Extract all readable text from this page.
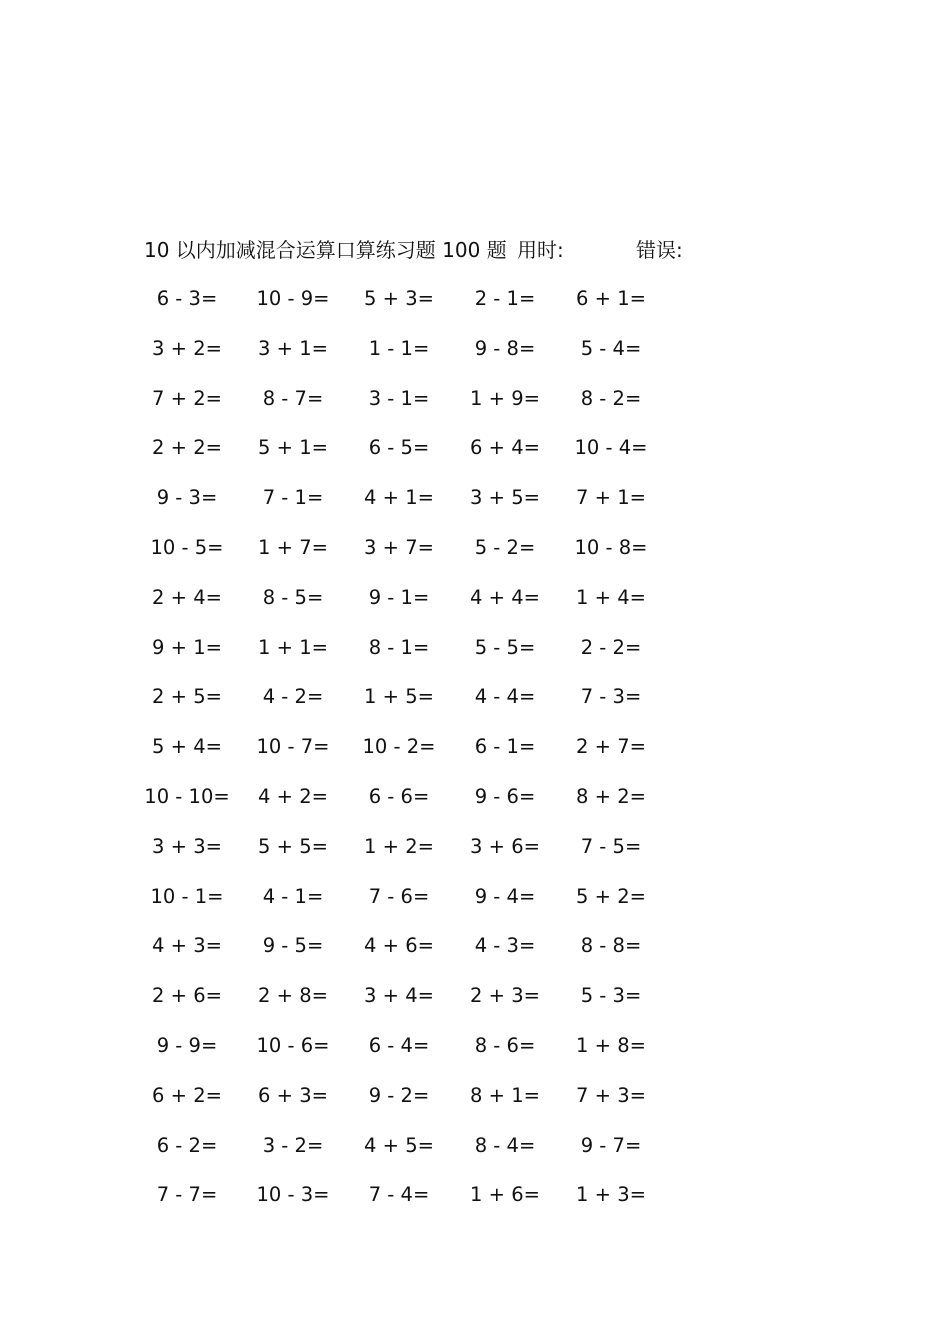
10 以内加减混合运算口算练习题 100 题 用时:	错误:
6 - 3=	10 - 9=	5 + 3=	2 - 1=	6 + 1=
3 + 2=	3 + 1=	1 - 1=	9 - 8=	5 - 4=
7 + 2=	8 - 7=	3 - 1=	1 + 9=	8 - 2=
2 + 2=	5 + 1=	6 - 5=	6 + 4=	10 - 4=
9 - 3=	7 - 1=	4 + 1=	3 + 5=	7 + 1=
10 - 5=	1 + 7=	3 + 7=	5 - 2=	10 - 8=
2 + 4=	8 - 5=	9 - 1=	4 + 4=	1 + 4=
9 + 1=	1 + 1=	8 - 1=	5 - 5=	2 - 2=
2 + 5=	4 - 2=	1 + 5=	4 - 4=	7 - 3=
5 + 4=	10 - 7=	10 - 2=	6 - 1=	2 + 7=
10 - 10=	4 + 2=	6 - 6=	9 - 6=	8 + 2=
3 + 3=	5 + 5=	1 + 2=	3 + 6=	7 - 5=
10 - 1=	4 - 1=	7 - 6=	9 - 4=	5 + 2=
4 + 3=	9 - 5=	4 + 6=	4 - 3=	8 - 8=
2 + 6=	2 + 8=	3 + 4=	2 + 3=	5 - 3=
9 - 9=	10 - 6=	6 - 4=	8 - 6=	1 + 8=
6 + 2=	6 + 3=	9 - 2=	8 + 1=	7 + 3=
6 - 2=	3 - 2=	4 + 5=	8 - 4=	9 - 7=
7 - 7=	10 - 3=	7 - 4=	1 + 6=	1 + 3=
